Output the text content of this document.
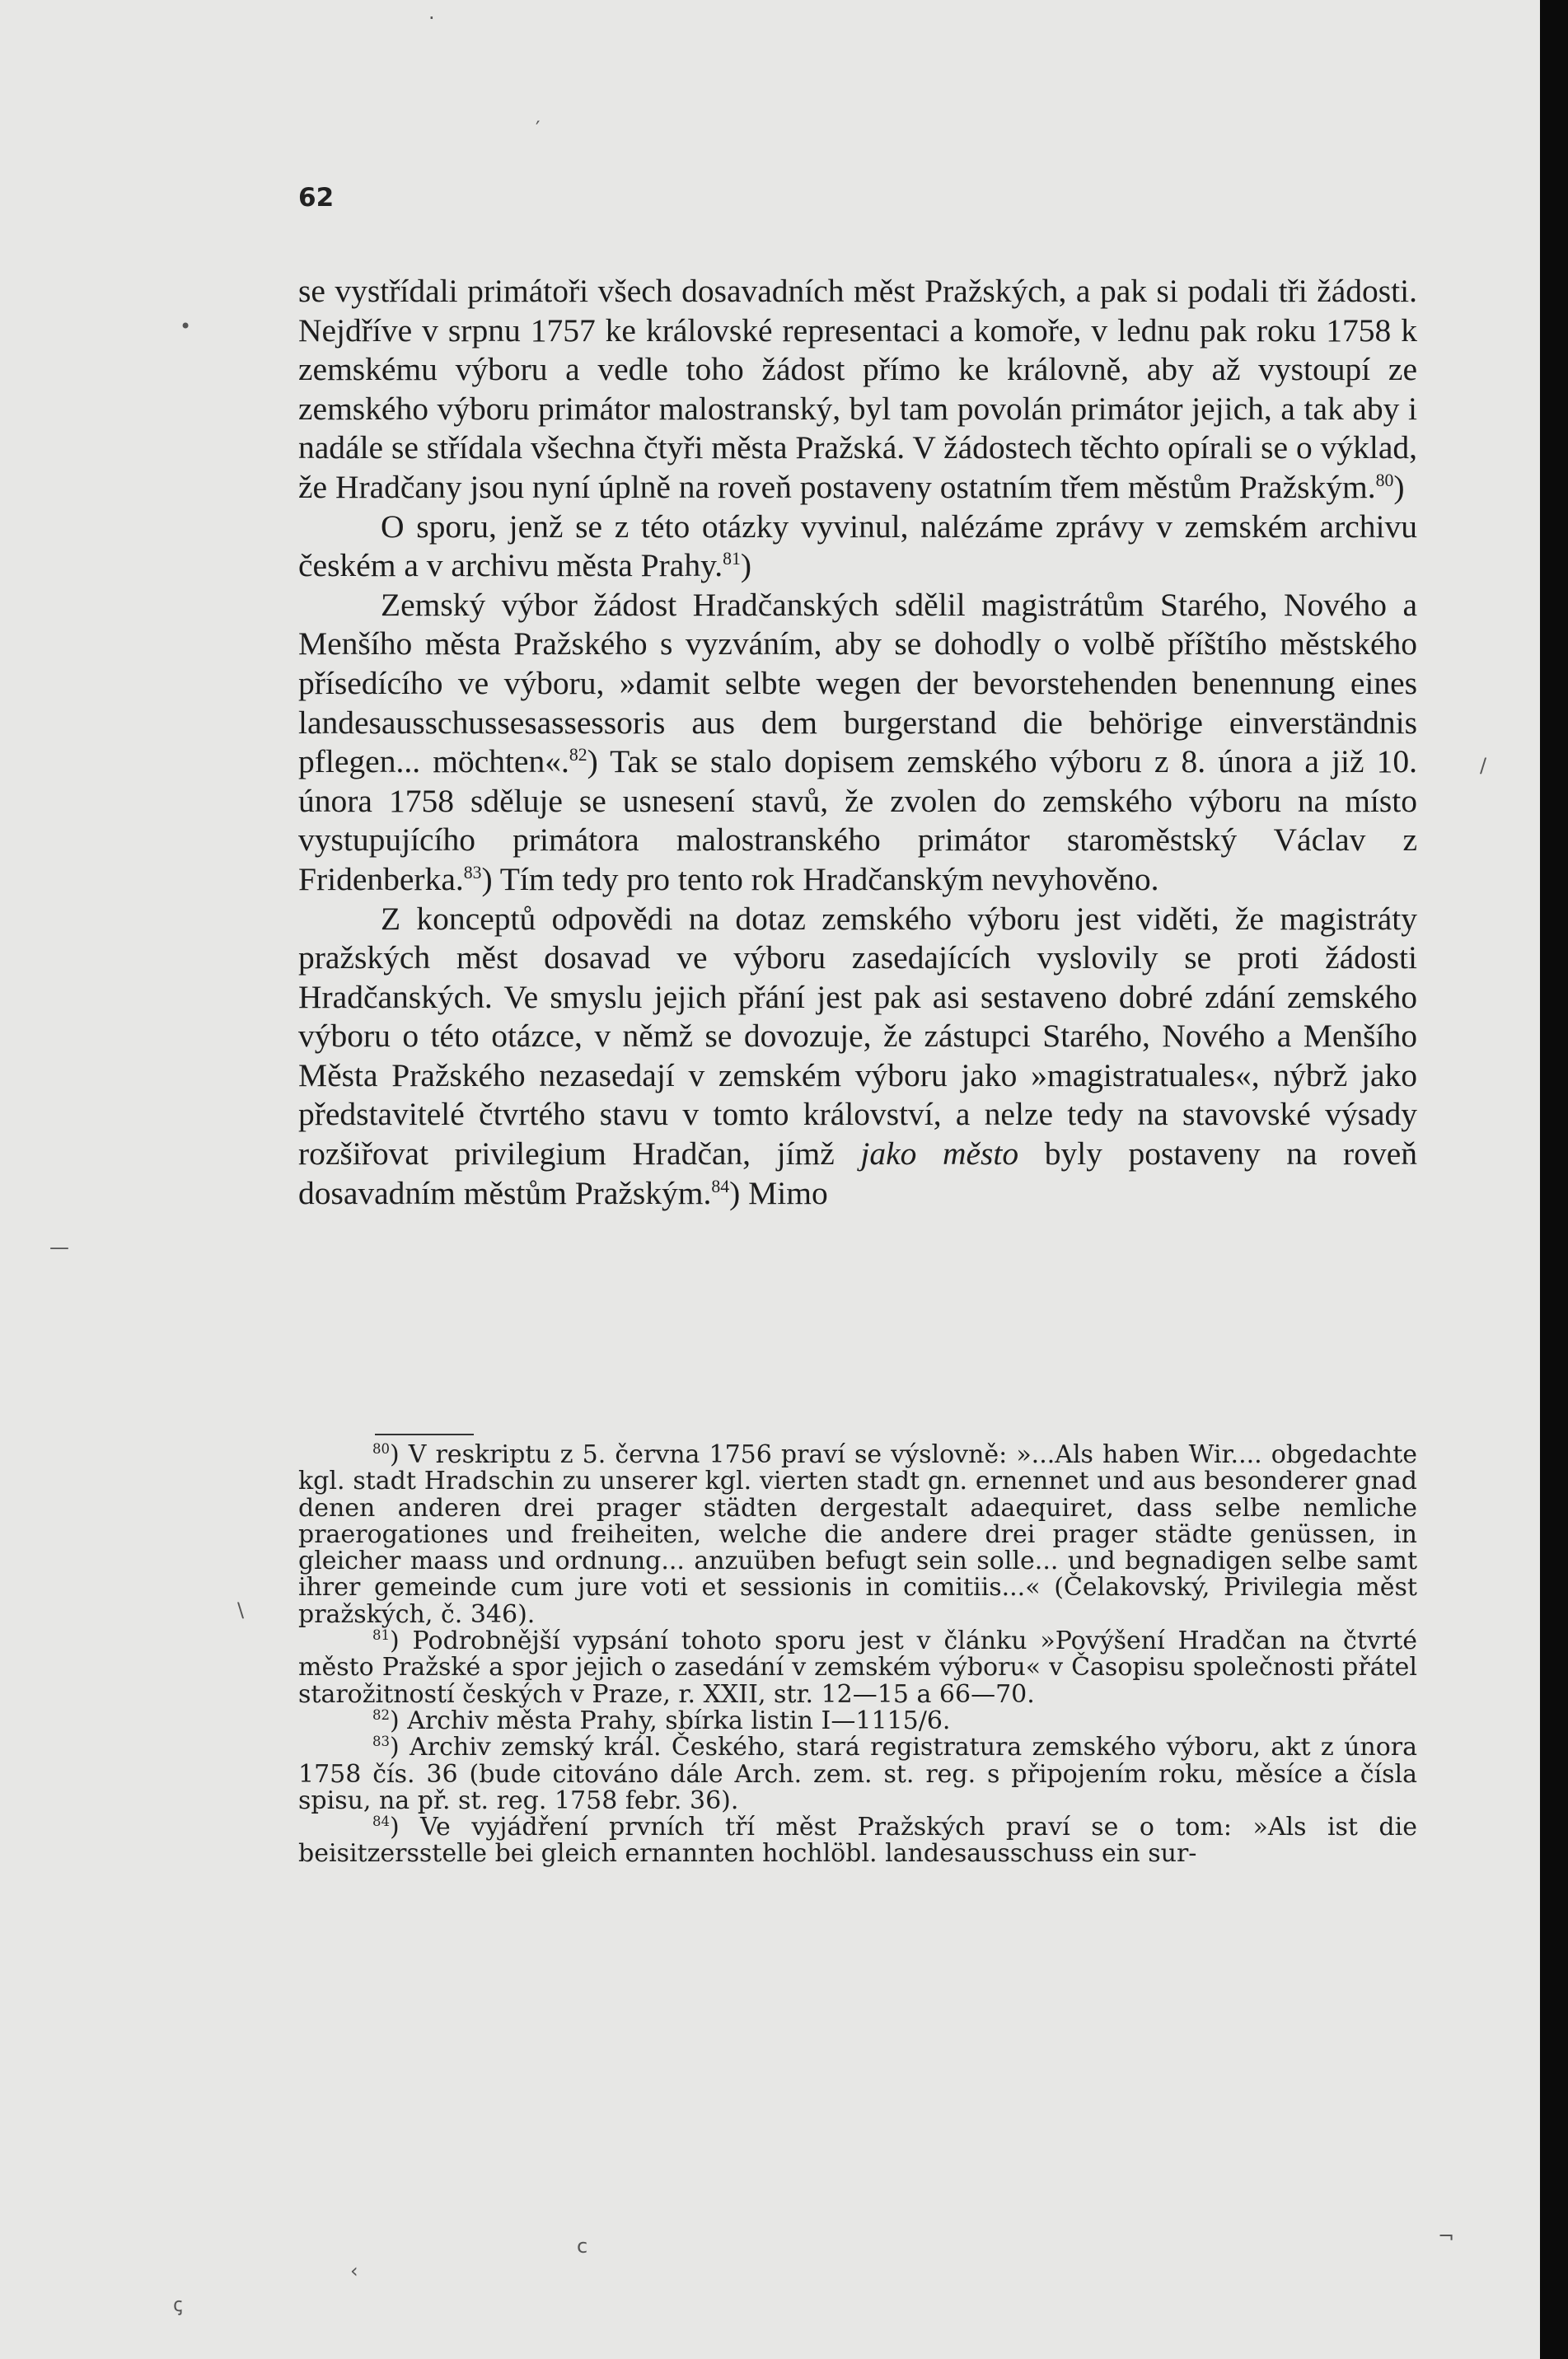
·
•
′
/
—
\
¬
‹
ꞔ
c
62

se vystřídali primátoři všech dosavadních měst Pražských, a pak si podali tři žádosti. Nejdříve v srpnu 1757 ke královské representaci a komoře, v lednu pak roku 1758 k zemskému výboru a vedle toho žádost přímo ke královně, aby až vystoupí ze zemského výboru primátor malostranský, byl tam povolán primátor jejich, a tak aby i nadále se střídala všechna čtyři města Pražská. V žádostech těchto opírali se o výklad, že Hradčany jsou nyní úplně na roveň postaveny ostatním třem městům Pražským.$^{80}$)

O sporu, jenž se z této otázky vyvinul, nalézáme zprávy v zemském archivu českém a v archivu města Prahy.$^{81}$)

Zemský výbor žádost Hradčanských sdělil magistrátům Starého, Nového a Menšího města Pražského s vyzváním, aby se dohodly o volbě příštího městského přísedícího ve výboru, »damit selbte wegen der bevorstehenden benennung eines landesausschussesassessoris aus dem burgerstand die behörige einverständnis pflegen... möchten«.$^{82}$) Tak se stalo dopisem zemského výboru z 8. února a již 10. února 1758 sděluje se usnesení stavů, že zvolen do zemského výboru na místo vystupujícího primátora malostranského primátor staroměstský Václav z Fridenberka.$^{83}$) Tím tedy pro tento rok Hradčanským nevyhověno.

Z konceptů odpovědi na dotaz zemského výboru jest viděti, že magistráty pražských měst dosavad ve výboru zasedajících vyslovily se proti žádosti Hradčanských. Ve smyslu jejich přání jest pak asi sestaveno dobré zdání zemského výboru o této otázce, v němž se dovozuje, že zástupci Starého, Nového a Menšího Města Pražského nezasedají v zemském výboru jako »magistratuales«, nýbrž jako představitelé čtvrtého stavu v tomto království, a nelze tedy na stavovské výsady rozšiřovat privilegium Hradčan, jímž jako město byly postaveny na roveň dosavadním městům Pražským.$^{84}$) Mimo

$^{80}$) V reskriptu z 5. června 1756 praví se výslovně: »...Als haben Wir.... obgedachte kgl. stadt Hradschin zu unserer kgl. vierten stadt gn. ernennet und aus besonderer gnad denen anderen drei prager städten dergestalt adaequiret, dass selbe nemliche praerogationes und freiheiten, welche die andere drei prager städte genüssen, in gleicher maass und ordnung... anzuüben befugt sein solle... und begnadigen selbe samt ihrer gemeinde cum jure voti et sessionis in comitiis...« (Čelakovský, Privilegia měst pražských, č. 346).

$^{81}$) Podrobnější vypsání tohoto sporu jest v článku »Povýšení Hradčan na čtvrté město Pražské a spor jejich o zasedání v zemském výboru« v Časopisu společnosti přátel starožitností českých v Praze, r. XXII, str. 12—15 a 66—70.

$^{82}$) Archiv města Prahy, sbírka listin I—1115/6.

$^{83}$) Archiv zemský král. Českého, stará registratura zemského výboru, akt z února 1758 čís. 36 (bude citováno dále Arch. zem. st. reg. s připojením roku, měsíce a čísla spisu, na př. st. reg. 1758 febr. 36).

$^{84}$) Ve vyjádření prvních tří měst Pražských praví se o tom: »Als ist die beisitzersstelle bei gleich ernannten hochlöbl. landesausschuss ein sur-
